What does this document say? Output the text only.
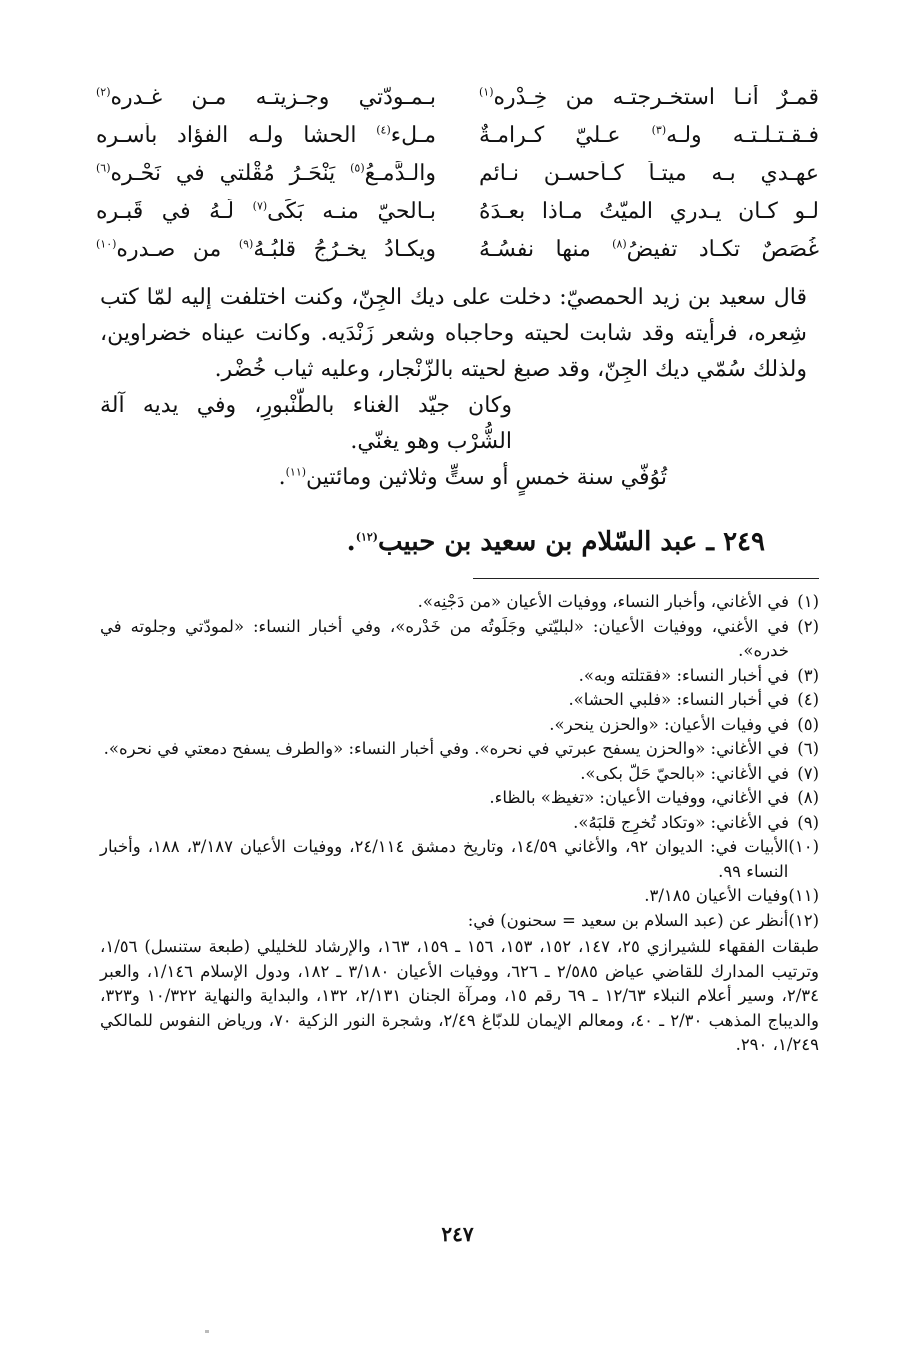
قمـرٌ أنـا استخـرجتـه من خِـدْره$^{(١)}$
بـمـودّتي وجـزيتـه مـن غـدره$^{(٢)}$
فـقـتـلـتـه ولـه$^{(٣)}$ عـليّ كـرامـةٌ
مـلء$^{(٤)}$ الحشا ولـه الفؤاد بأسـره
عهـدي بـه ميتـاً كـأحسـنِ نـائمٍ
والـدَّمـعُ$^{(٥)}$ يَنْحَـرُ مُقْلتي في نَحْـره$^{(٦)}$
لـو كـان يـدري الميّتُ مـاذا بعـدَهُ
بـالحيّ منـه بَكَى$^{(٧)}$ لَـهُ في قَبـره
غُصَصٌ تكـاد تفيضُ$^{(٨)}$ منها نفسُـهُ
ويكـادُ يخـرُجُ قلبُـهُ$^{(٩)}$ من صـدرِه$^{(١٠)}$

قال سعيد بن زيد الحمصيّ: دخلت على ديك الجِنّ، وكنت اختلفت إليه لمّا كتب شِعره، فرأيته وقد شابت لحيته وحاجباه وشعر زَنْدَيه. وكانت عيناه خضراوين، ولذلك سُمّي ديك الجِنّ، وقد صبغ لحيته بالزّنْجار، وعليه ثياب خُضْر.

وكان جيّد الغناء بالطّنْبورِ، وفي يديه آلة الشُّرْب وهو يغنّي.

تُوُفّي سنة خمسٍ أو ستٍّ وثلاثين ومائتين$^{(١١)}$.

٢٤٩ ـ عبد السّلام بن سعيد بن حبيب$^{(١٢)}$.
(١)
في الأغاني، وأخبار النساء، ووفيات الأعيان «من دَجْنِه».
(٢)
في الأغني، ووفيات الأعيان: «لبليّتي وجَلَوتُه من خَدْره»، وفي أخبار النساء: «لمودّتي وجلوته في خدره».
(٣)
في أخبار النساء: «فقتلته وبه».
(٤)
في أخبار النساء: «فلبي الحشا».
(٥)
في وفيات الأعيان: «والحزن ينحر».
(٦)
في الأغاني: «والحزن يسفح عبرتي في نحره». وفي أخبار النساء: «والطرف يسفح دمعتي في نحره».
(٧)
في الأغاني: «بالحيّ حَلّ بكى».
(٨)
في الأغاني، ووفيات الأعيان: «تغيظ» بالظاء.
(٩)
في الأغاني: «وتكاد تُخرِج قلبَهُ».
(١٠)
الأبيات في: الديوان ٩٢، والأغاني ١٤/٥٩، وتاريخ دمشق ٢٤/١١٤، ووفيات الأعيان ٣/١٨٧، ١٨٨، وأخبار النساء ٩٩.
(١١)
وفيات الأعيان ٣/١٨٥.
(١٢)
أنظر عن (عبد السلام بن سعيد = سحنون) في:
طبقات الفقهاء للشيرازي ٢٥، ١٤٧، ١٥٢، ١٥٣، ١٥٦ ـ ١٥٩، ١٦٣، والإرشاد للخليلي (طبعة ستنسل) ١/٥٦، وترتيب المدارك للقاضي عياض ٢/٥٨٥ ـ ٦٢٦، ووفيات الأعيان ٣/١٨٠ ـ ١٨٢، ودول الإسلام ١/١٤٦، والعبر ٢/٣٤، وسير أعلام النبلاء ١٢/٦٣ ـ ٦٩ رقم ١٥، ومرآة الجنان ٢/١٣١، ١٣٢، والبداية والنهاية ١٠/٣٢٢ و٣٢٣، والديباج المذهب ٢/٣٠ ـ ٤٠، ومعالم الإيمان للدبّاغ ٢/٤٩، وشجرة النور الزكية ٧٠، ورياض النفوس للمالكي ١/٢٤٩، ٢٩٠.
٢٤٧
